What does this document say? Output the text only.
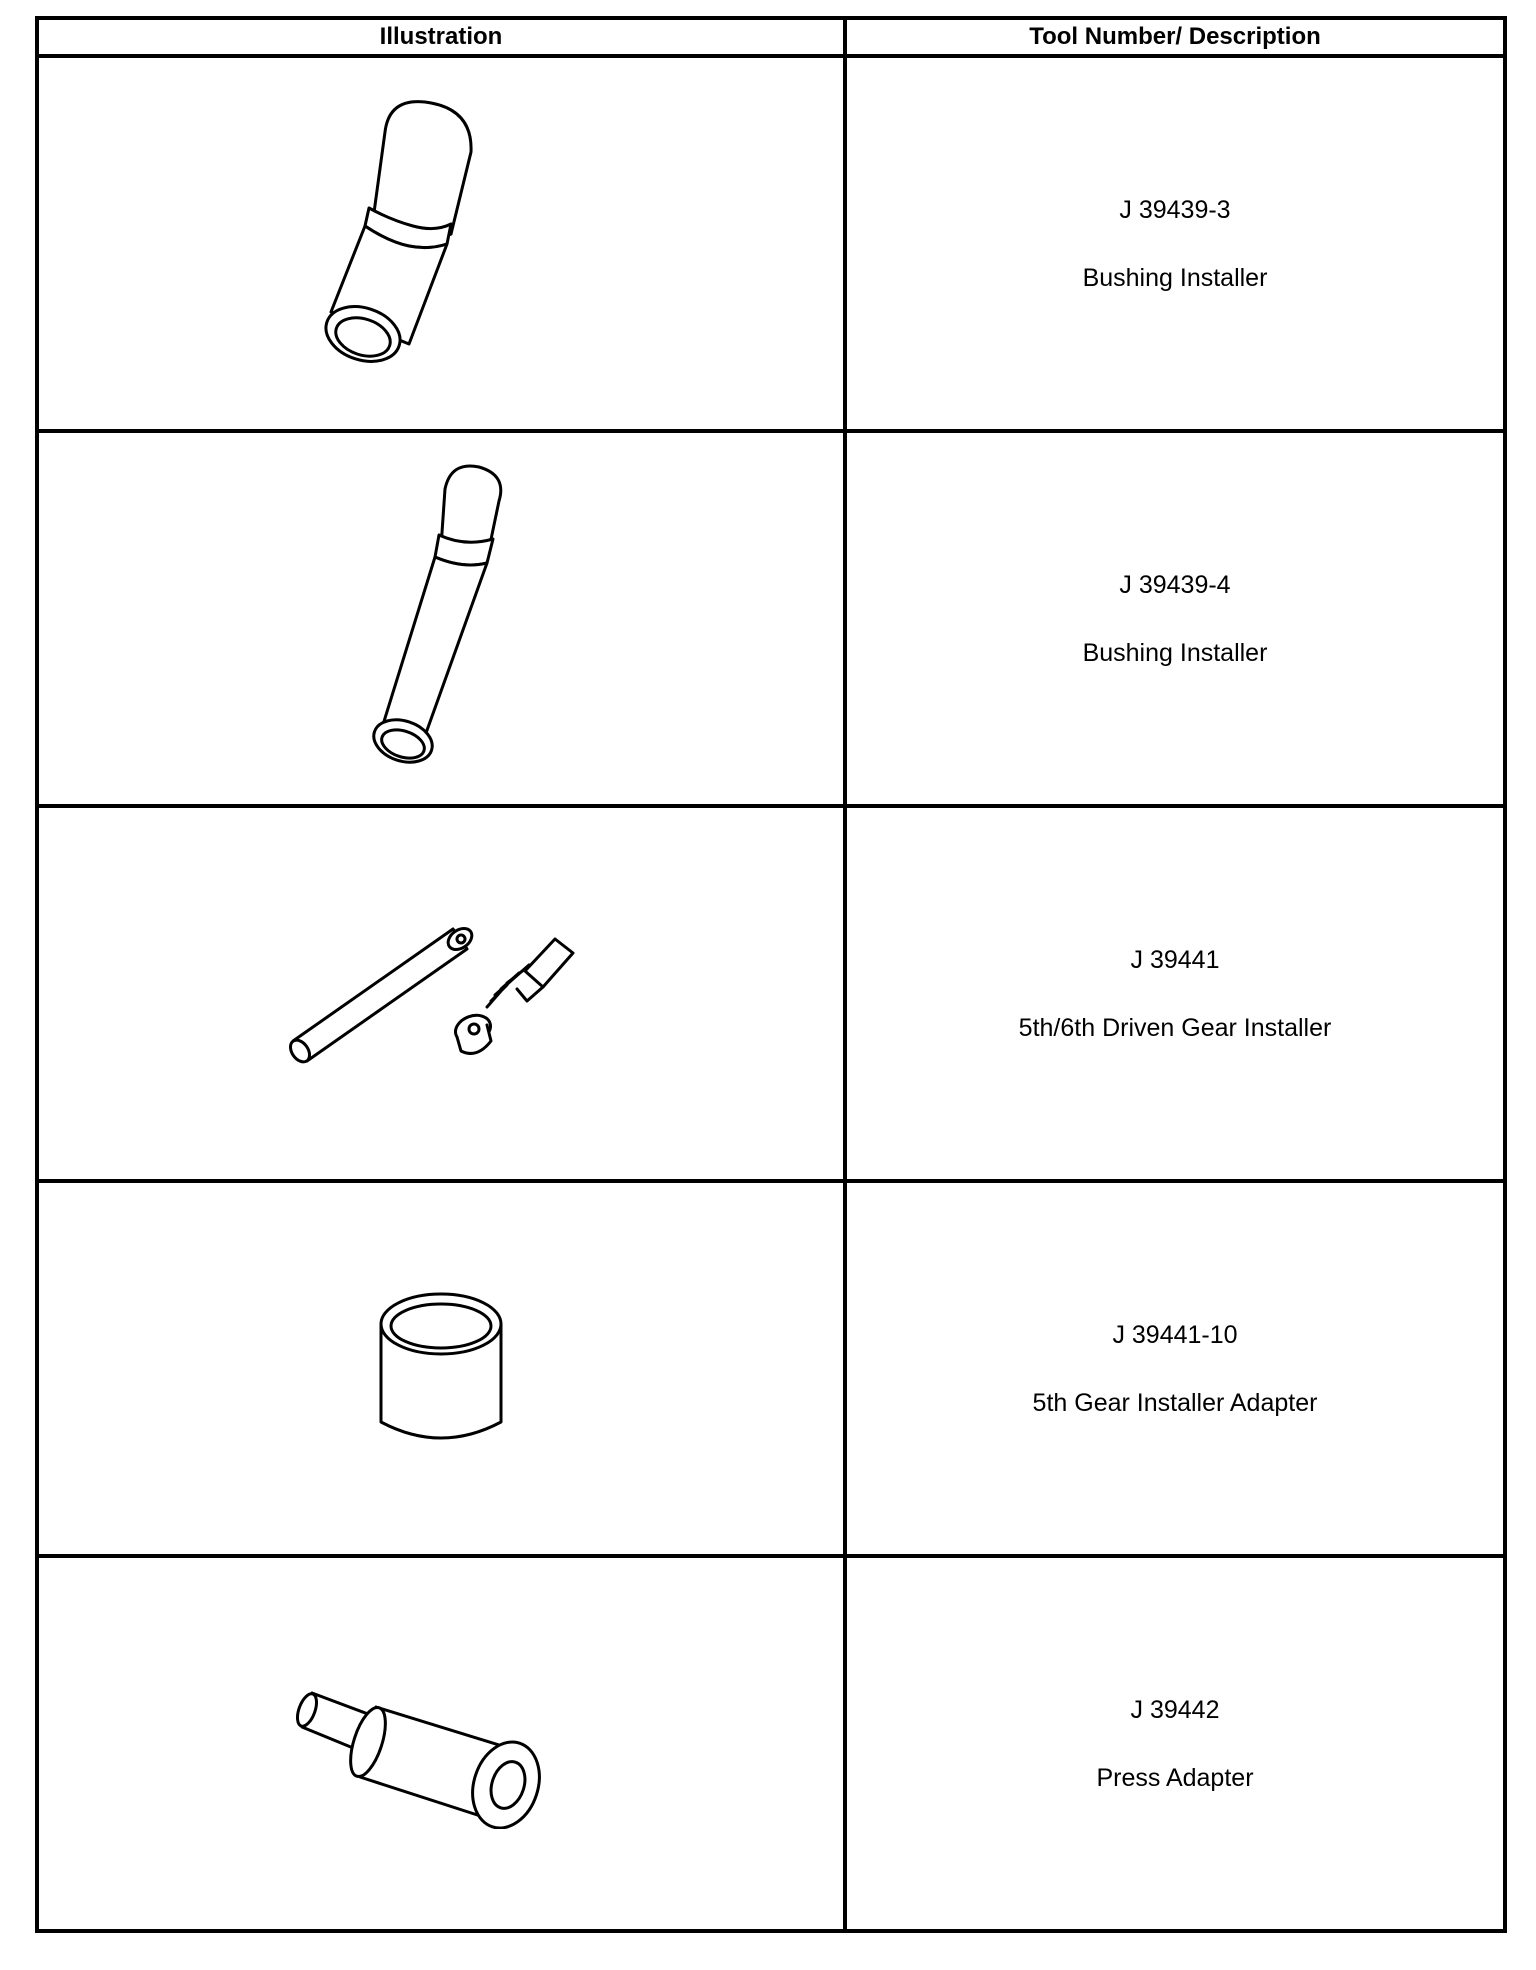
Illustration	Tool Number/ Description

J 39439-3
Bushing Installer

J 39439-4
Bushing Installer

J 39441
5th/6th Driven Gear Installer

J 39441-10
5th Gear Installer Adapter

J 39442
Press Adapter
